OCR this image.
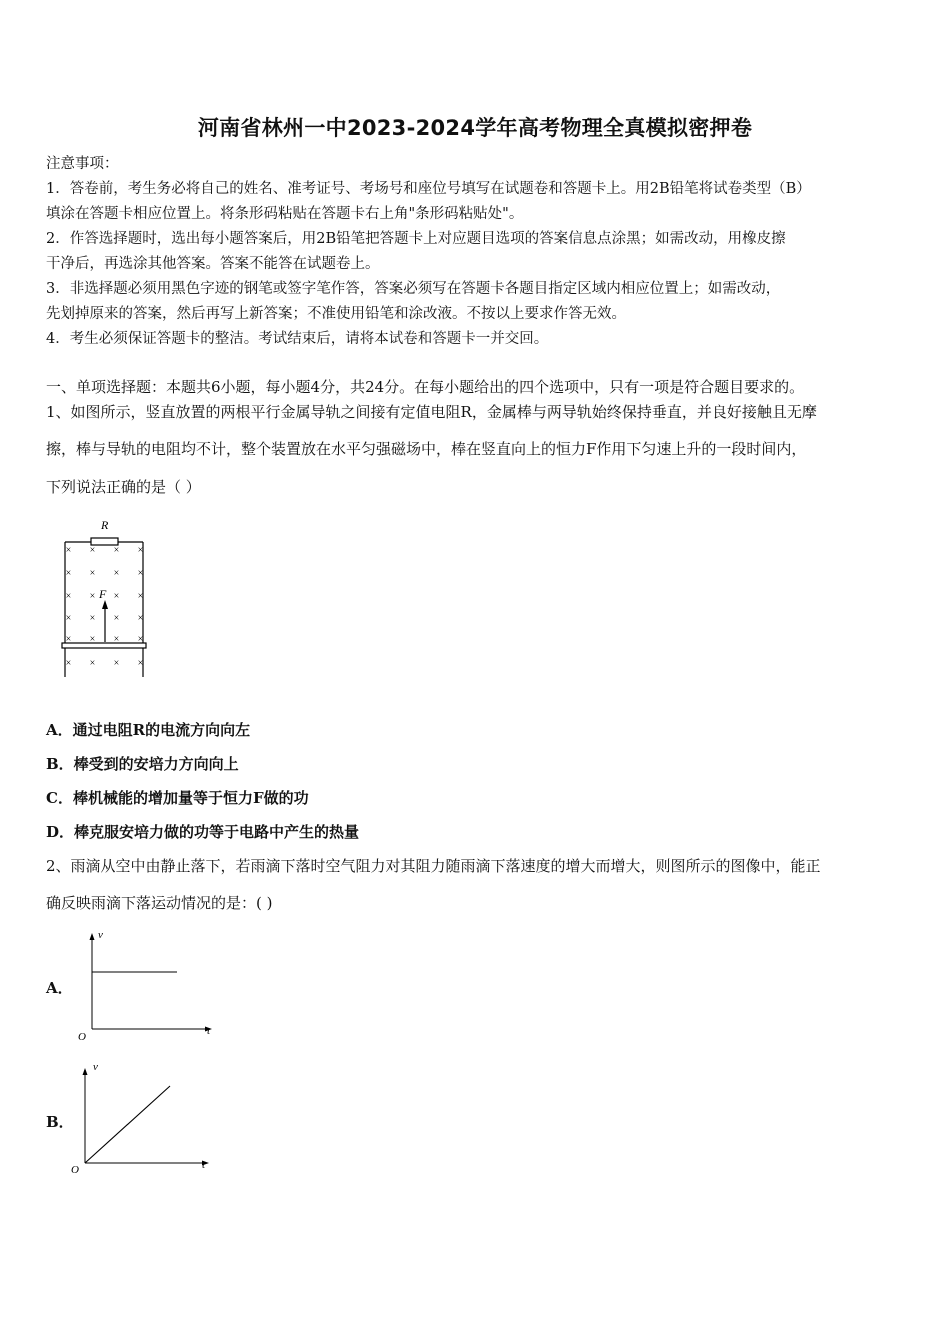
河南省林州一中2023-2024学年高考物理全真模拟密押卷
注意事项：
1．答卷前，考生务必将自己的姓名、准考证号、考场号和座位号填写在试题卷和答题卡上。用2B铅笔将试卷类型（B）
填涂在答题卡相应位置上。将条形码粘贴在答题卡右上角"条形码粘贴处"。
2．作答选择题时，选出每小题答案后，用2B铅笔把答题卡上对应题目选项的答案信息点涂黑；如需改动，用橡皮擦
干净后，再选涂其他答案。答案不能答在试题卷上。
3．非选择题必须用黑色字迹的钢笔或签字笔作答，答案必须写在答题卡各题目指定区域内相应位置上；如需改动，
先划掉原来的答案，然后再写上新答案；不准使用铅笔和涂改液。不按以上要求作答无效。
4．考生必须保证答题卡的整洁。考试结束后，请将本试卷和答题卡一并交回。
一、单项选择题：本题共6小题，每小题4分，共24分。在每小题给出的四个选项中，只有一项是符合题目要求的。
1、如图所示，竖直放置的两根平行金属导轨之间接有定值电阻R，金属棒与两导轨始终保持垂直，并良好接触且无摩
擦，棒与导轨的电阻均不计，整个装置放在水平匀强磁场中，棒在竖直向上的恒力F作用下匀速上升的一段时间内，
下列说法正确的是（ ）
R
F
× × × ×
× × × ×
× × × ×
× × × ×
× × × ×
× × × ×
A．通过电阻R的电流方向向左
B．棒受到的安培力方向向上
C．棒机械能的增加量等于恒力F做的功
D．棒克服安培力做的功等于电路中产生的热量
2、雨滴从空中由静止落下，若雨滴下落时空气阻力对其阻力随雨滴下落速度的增大而增大，则图所示的图像中，能正
确反映雨滴下落运动情况的是：( )
A．
v
t
O
B．
v
t
O
